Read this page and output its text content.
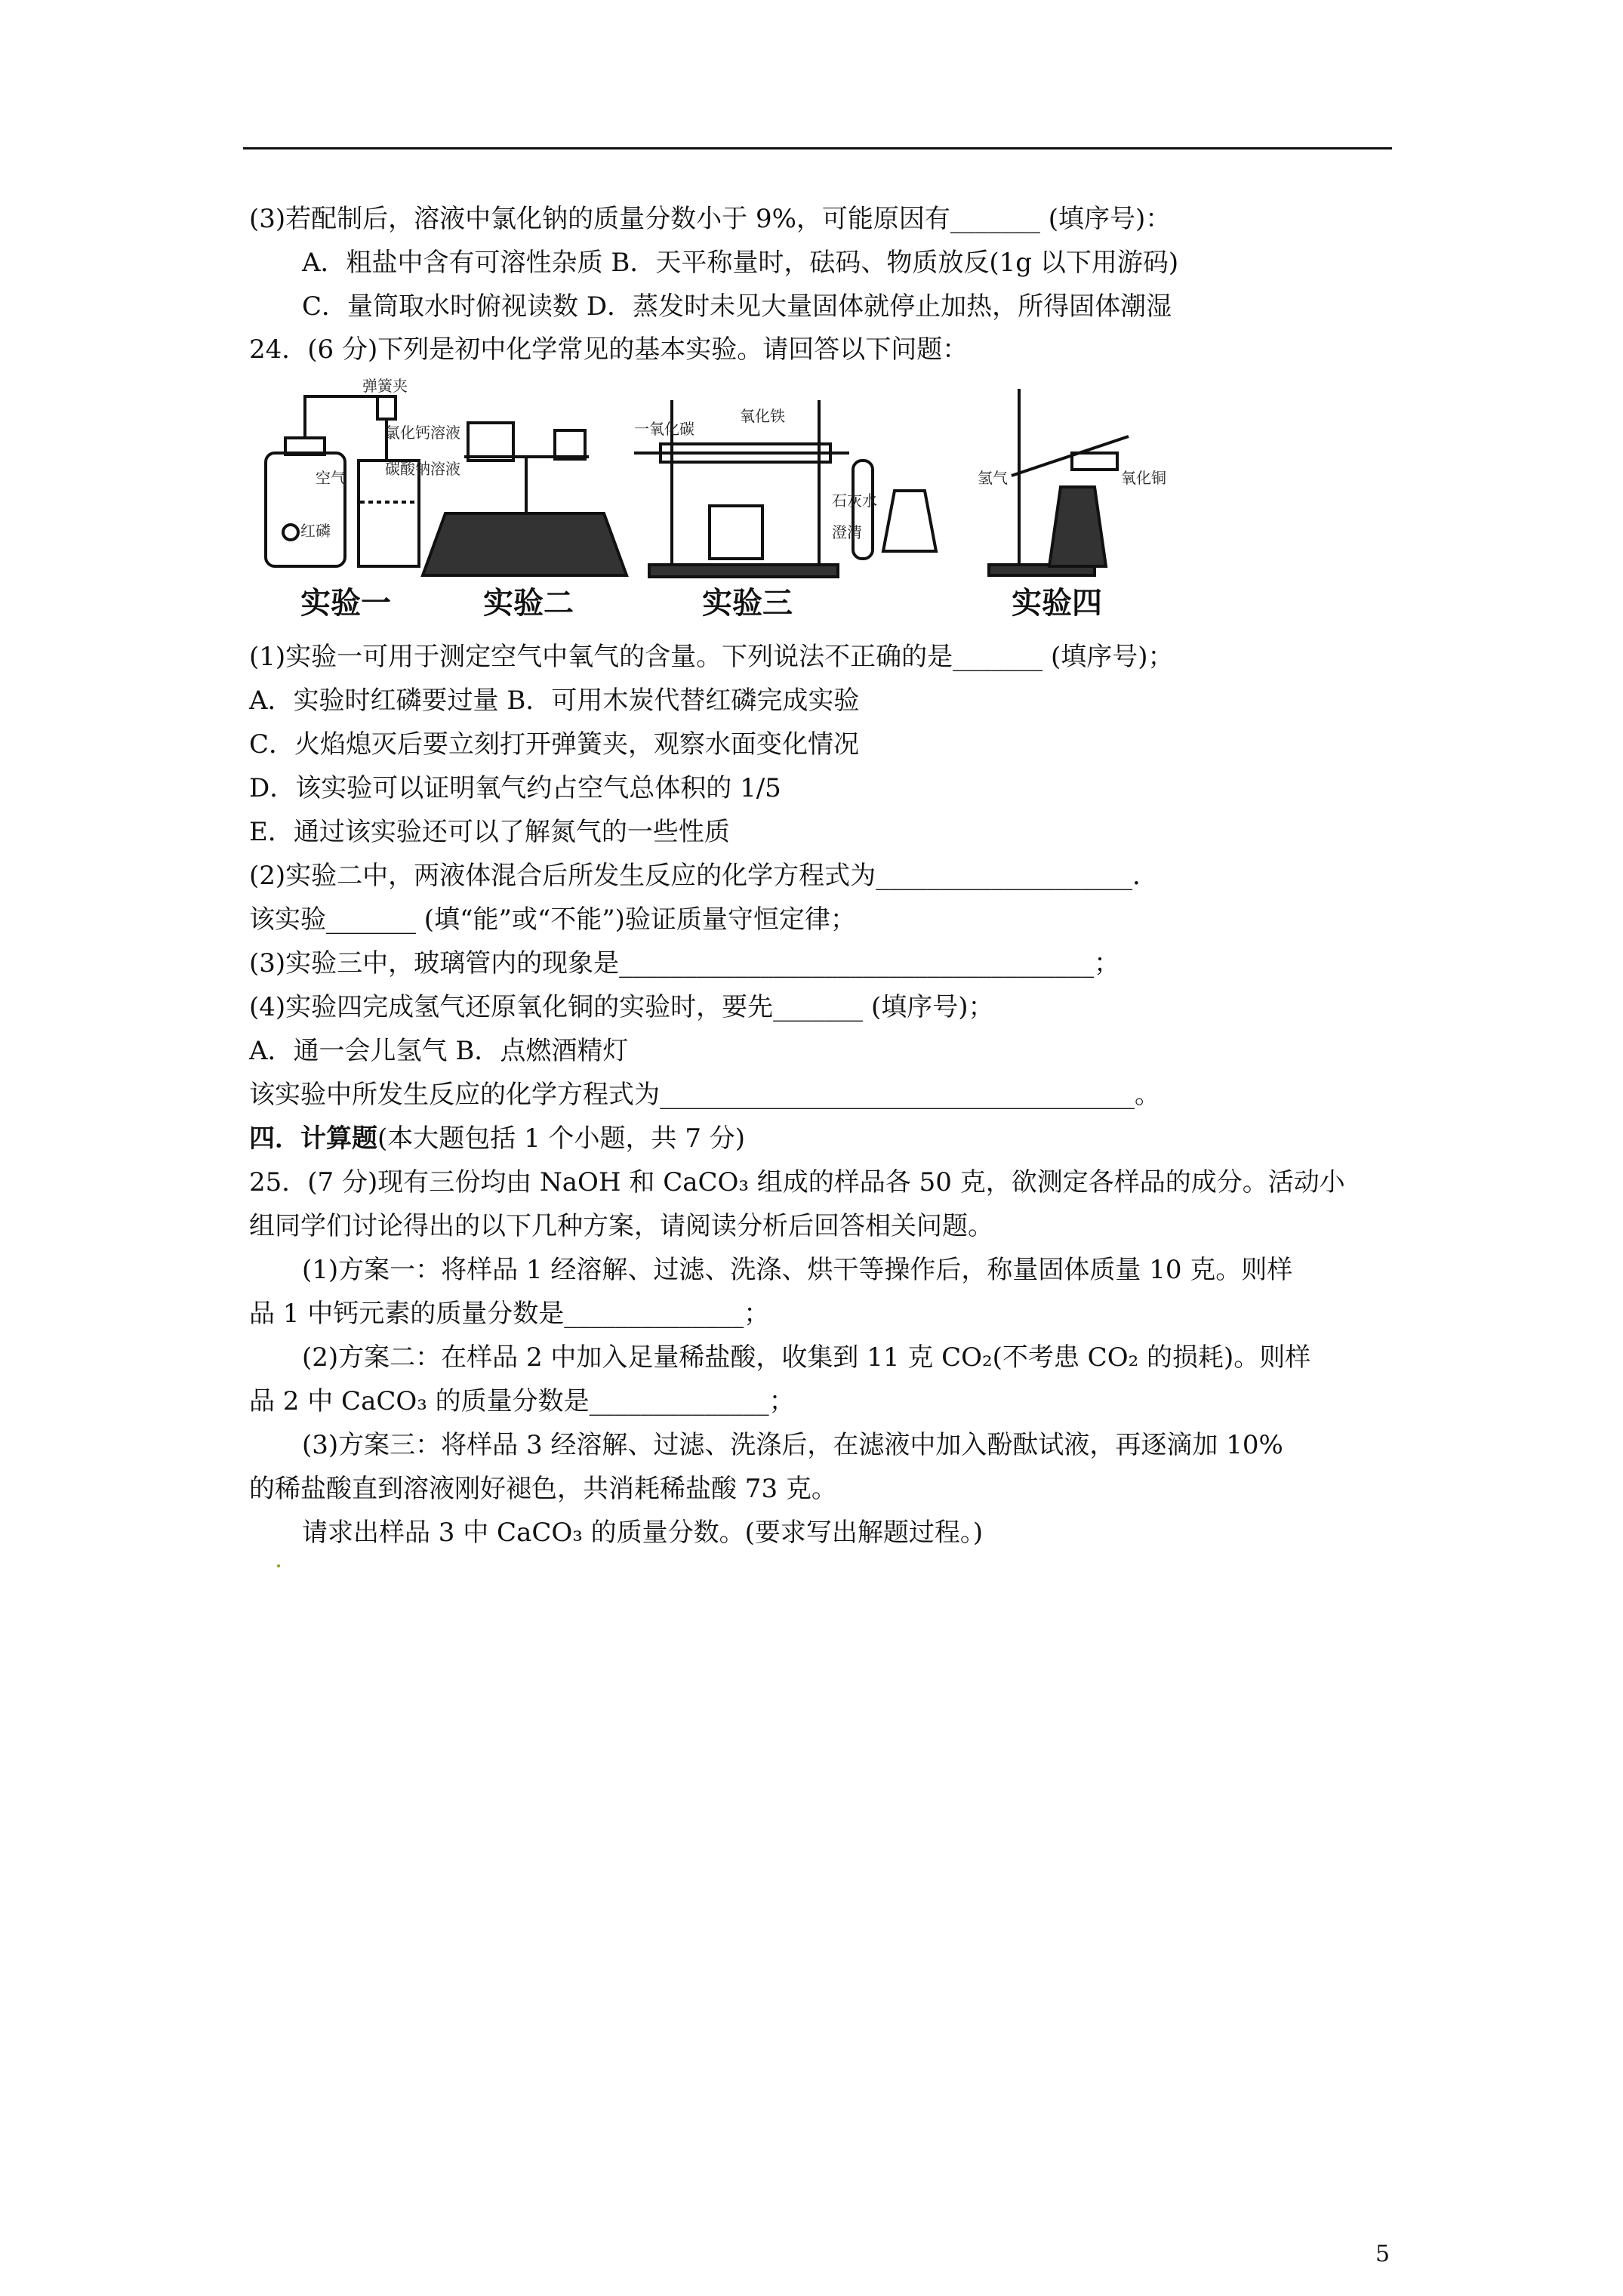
(3)若配制后，溶液中氯化钠的质量分数小于 9%，可能原因有_______ (填序号)：
A．粗盐中含有可溶性杂质 B．天平称量时，砝码、物质放反(1g 以下用游码)
C．量筒取水时俯视读数 D．蒸发时未见大量固体就停止加热，所得固体潮湿
24．(6 分)下列是初中化学常见的基本实验。请回答以下问题：
弹簧夹
空气
红磷
实验一
氯化钙溶液
碳酸钠溶液
实验二
一氧化碳
氧化铁
石灰水
澄清
实验三
氢气	氧化铜
实验四
(1)实验一可用于测定空气中氧气的含量。下列说法不正确的是_______ (填序号)；
A．实验时红磷要过量 B．可用木炭代替红磷完成实验
C．火焰熄灭后要立刻打开弹簧夹，观察水面变化情况
D．该实验可以证明氧气约占空气总体积的 1/5
E．通过该实验还可以了解氮气的一些性质
(2)实验二中，两液体混合后所发生反应的化学方程式为____________________．
该实验_______ (填“能”或“不能”)验证质量守恒定律；
(3)实验三中，玻璃管内的现象是_____________________________________；
(4)实验四完成氢气还原氧化铜的实验时，要先_______ (填序号)；
A．通一会儿氢气 B．点燃酒精灯
该实验中所发生反应的化学方程式为_____________________________________。
四．计算题(本大题包括 1 个小题，共 7 分)
25．(7 分)现有三份均由 NaOH 和 CaCO₃ 组成的样品各 50 克，欲测定各样品的成分。活动小
组同学们讨论得出的以下几种方案，请阅读分析后回答相关问题。
(1)方案一：将样品 1 经溶解、过滤、洗涤、烘干等操作后，称量固体质量 10 克。则样
品 1 中钙元素的质量分数是______________；
(2)方案二：在样品 2 中加入足量稀盐酸，收集到 11 克 CO₂(不考患 CO₂ 的损耗)。则样
品 2 中 CaCO₃ 的质量分数是______________；
(3)方案三：将样品 3 经溶解、过滤、洗涤后，在滤液中加入酚酞试液，再逐滴加 10%
的稀盐酸直到溶液刚好褪色，共消耗稀盐酸 73 克。
请求出样品 3 中 CaCO₃ 的质量分数。(要求写出解题过程。)
5
